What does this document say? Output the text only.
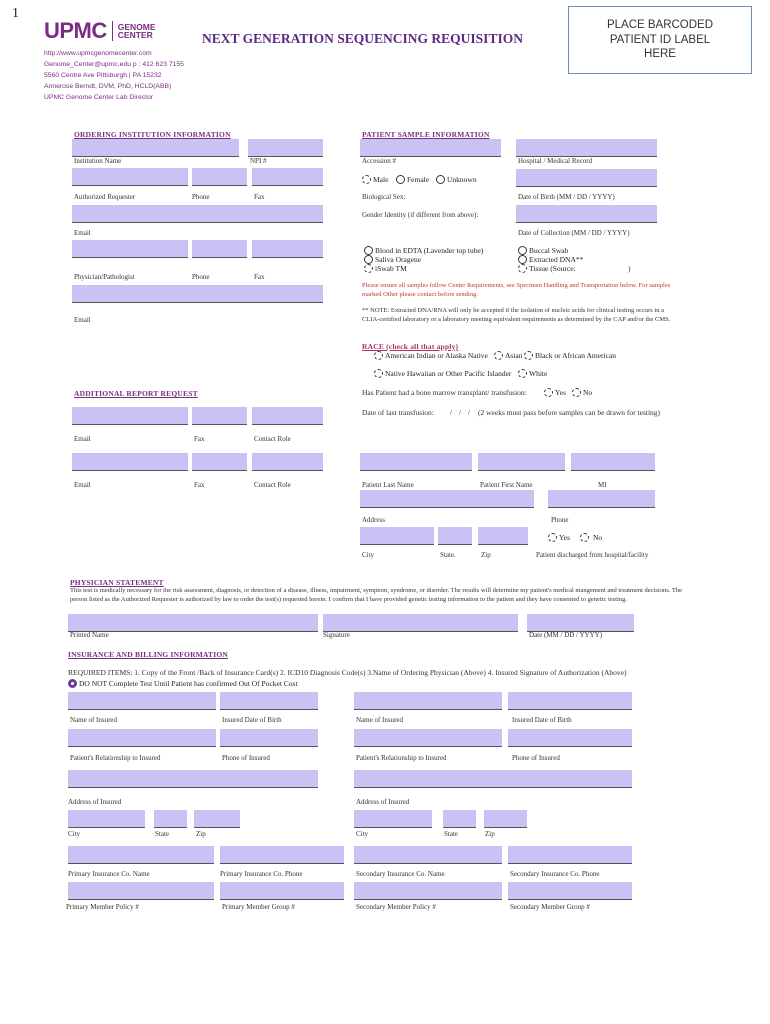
1
UPMC GENOME
CENTER	NEXT GENERATION SEQUENCING REQUISITION
PLACE BARCODED PATIENT ID LABEL HERE
http://www.upmcgenomecenter.com
Genome_Center@upmc.edu p : 412 623 7155
5560 Centre Ave Pittsburgh | PA 15232
Annerose Berndt, DVM, PhD, HCLD(ABB)
UPMC Genome Center Lab Director
ORDERING INSTITUTION INFORMATION
Institution Name	NPI #
Authorized Requester	Phone	Fax
Email
Physician/Pathologist	Phone	Fax
Email
PATIENT SAMPLE INFORMATION
Accession #	Hospital / Medical Record
Male Female Unknown
Biological Sex:	Date of Birth (MM / DD / YYYY)
Gender Identity (if different from above):
Date of Collection (MM / DD / YYYY)
Blood in EDTA (Lavender top tube)
Saliva Oragene
iSwab TM
Buccal Swab
Extracted DNA**
Tissue (Source:	)
Please ensure all samples follow Center Requirements, see Specimen Handling and Transportation below. For samples marked Other please contact before sending.
** NOTE: Extracted DNA/RNA will only be accepted if the isolation of nucleic acids for clinical testing occurs in a CLIA-certified laboratory or a laboratory meeting equivalent requirements as determined by the CAP and/or the CMS.
RACE (check all that apply)
American Indian or Alaska Native Asian Black or African American
Native Hawaiian or Other Pacific Islander White
Has Patient had a bone marrow transplant/ transfusion:	Yes No
Date of last transfusion: / / / (2 weeks must pass before samples can be drawn for testing)
ADDITIONAL REPORT REQUEST
Email	Fax	Contact Role
Email	Fax	Contact Role	Patient Last Name	Patient First Name	MI
Address	Phone
Yes	No
City	State.	Zip	Patient discharged from hospital/facility
PHYSICIAN STATEMENT
This test is medically necessary for the risk assessment, diagnosis, or detection of a disease, illness, impairment, symptom, syndrome, or disorder. The results will determine my patient's medical mangement and treatment decisions. The person listed as the Authorized Requester is authorized by law to order the test(s) requested herein. I confirm that I have provided genetic testing information to the patient and they have consented to genetic testing.
Printed Name	Signature	Date (MM / DD / YYYY)
INSURANCE AND BILLING INFORMATION
REQUIRED ITEMS: 1. Copy of the Front /Back of Insurance Card(s) 2. ICD10 Diagnosis Code(s) 3.Name of Ordering Physician (Above) 4. Insured Signature of Authorization (Above)
DO NOT Complete Test Until Patient has confirmed Out Of Pocket Cost
Name of Insured	Insured Date of Birth	Name of Insured	Insured Date of Birth
Patient's Relationship to Insured	Phone of Insured	Patient's Relationship to Insured	Phone of Insured
Address of Insured	Address of Insured
City	State	Zip	City	State	Zip
Primary Insurance Co. Name	Primary Insurance Co. Phone	Secondary Insurance Co. Name	Secondary Insurance Co. Phone
Primary Member Policy #	Primary Member Group #	Secondary Member Policy #	Secondary Member Group #
